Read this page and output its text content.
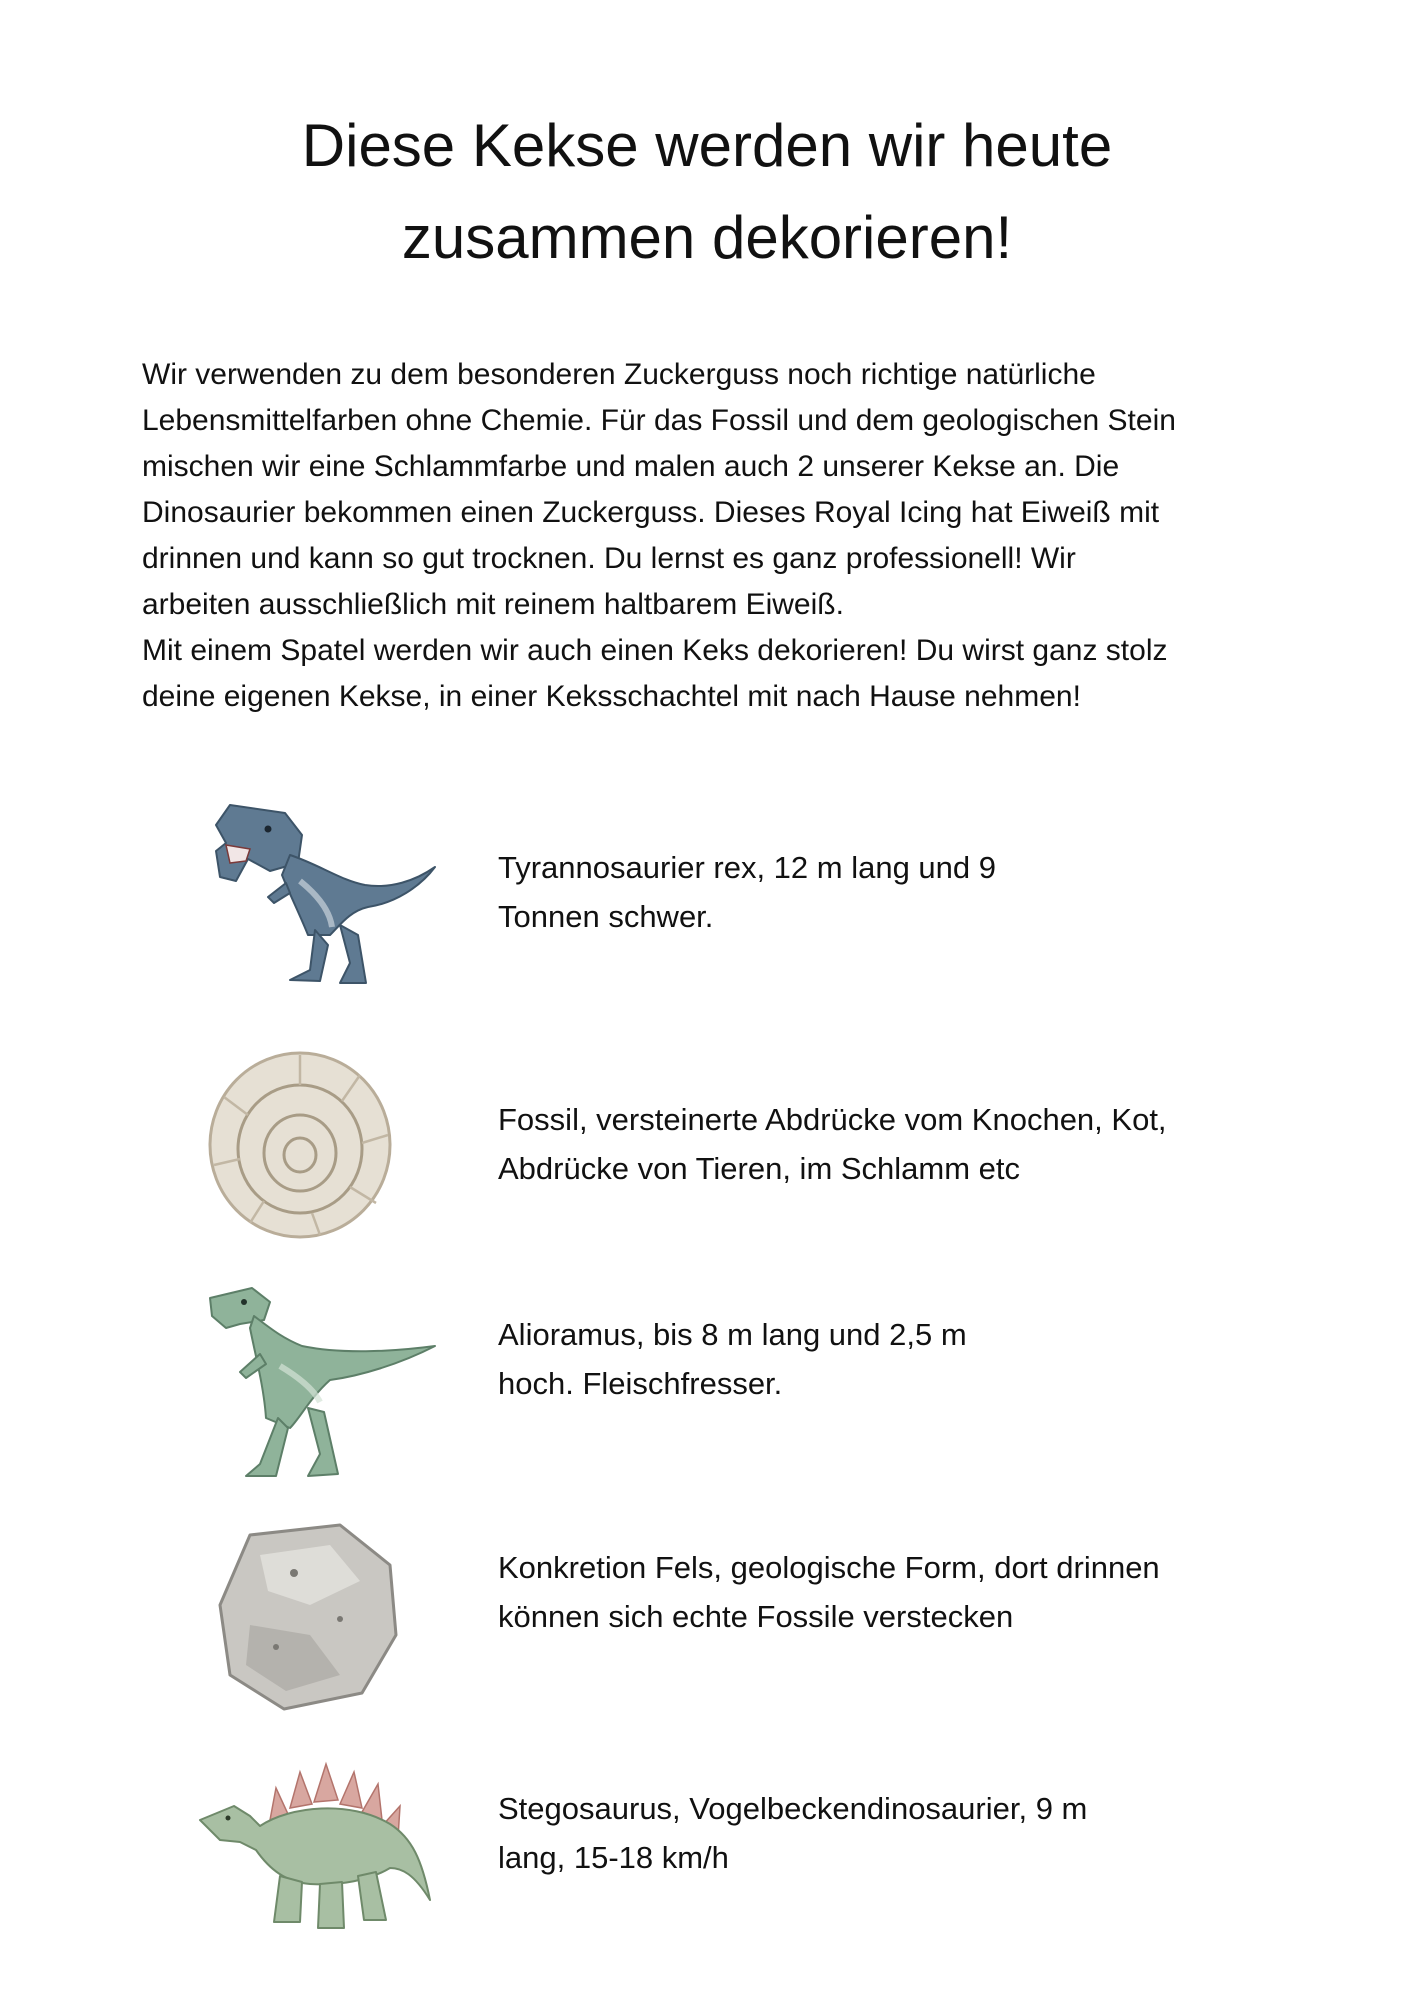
Diese Kekse werden wir heute
zusammen dekorieren!

Wir verwenden zu dem besonderen Zuckerguss noch richtige natürliche
Lebensmittelfarben ohne Chemie. Für das Fossil und dem geologischen Stein
mischen wir eine Schlammfarbe und malen auch 2 unserer Kekse an. Die
Dinosaurier bekommen einen Zuckerguss. Dieses Royal Icing hat Eiweiß mit
drinnen und kann so gut trocknen. Du lernst es ganz professionell! Wir
arbeiten ausschließlich mit reinem haltbarem Eiweiß.
Mit einem Spatel werden wir auch einen Keks dekorieren! Du wirst ganz stolz
deine eigenen Kekse, in einer Keksschachtel mit nach Hause nehmen!

Tyrannosaurier rex, 12 m lang und 9
Tonnen schwer.
Fossil, versteinerte Abdrücke vom Knochen, Kot,
Abdrücke von Tieren, im Schlamm etc
Alioramus, bis 8 m lang und 2,5 m
hoch. Fleischfresser.
Konkretion Fels, geologische Form, dort drinnen
können sich echte Fossile verstecken
Stegosaurus, Vogelbeckendinosaurier, 9 m
lang, 15-18 km/h
